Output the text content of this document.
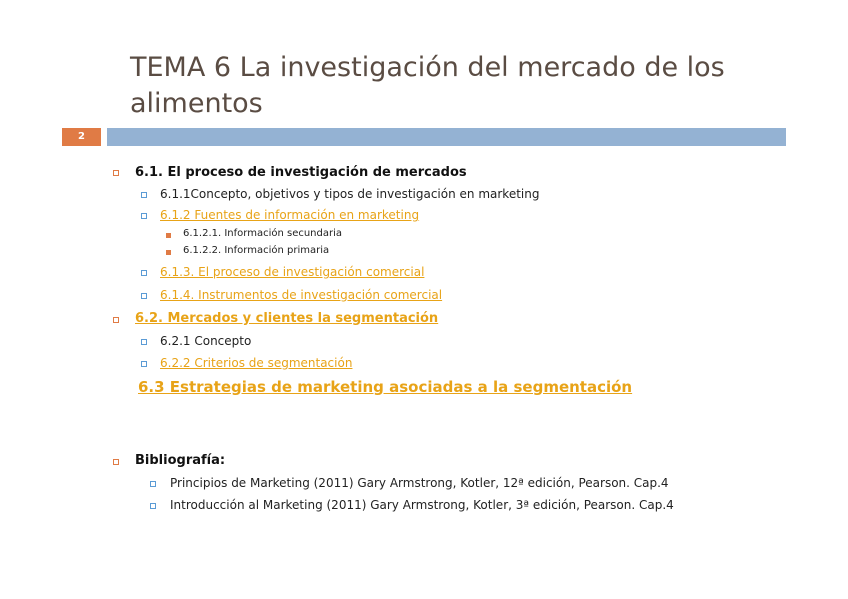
TEMA 6 La investigación del mercado de los
alimentos
2
6.1. El proceso de investigación de mercados
6.1.1Concepto, objetivos y tipos de investigación en marketing
6.1.2 Fuentes de información en marketing
6.1.2.1. Información secundaria
6.1.2.2. Información primaria
6.1.3. El proceso de investigación comercial
6.1.4. Instrumentos de investigación comercial
6.2. Mercados y clientes la segmentación
6.2.1 Concepto
6.2.2 Criterios de segmentación
6.3 Estrategias de marketing asociadas a la segmentación
Bibliografía:
Principios de Marketing (2011) Gary Armstrong, Kotler, 12ª edición, Pearson. Cap.4
Introducción al Marketing (2011) Gary Armstrong, Kotler, 3ª edición, Pearson. Cap.4
